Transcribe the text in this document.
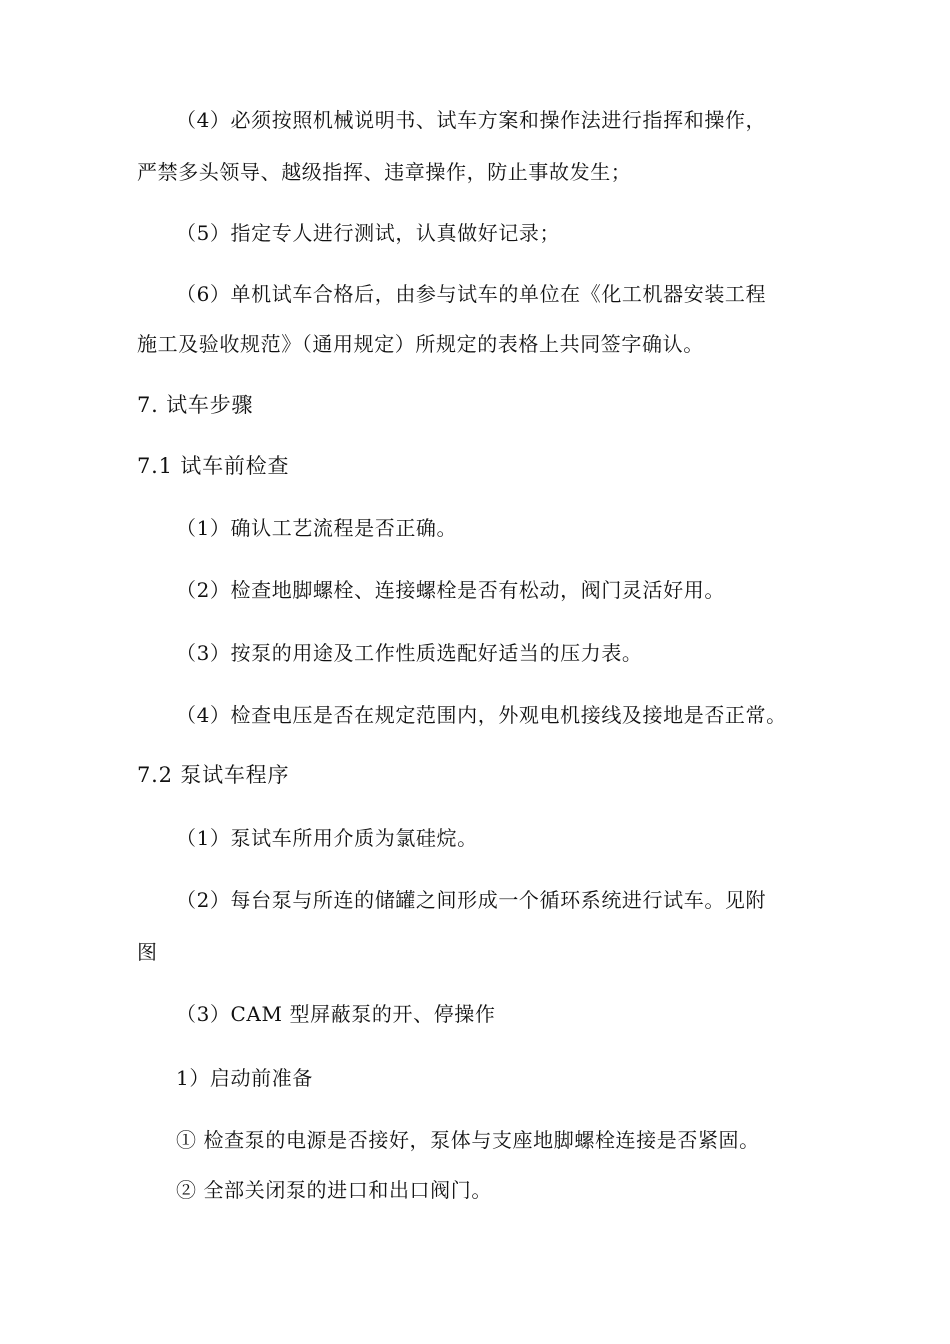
（4）必须按照机械说明书、试车方案和操作法进行指挥和操作，
严禁多头领导、越级指挥、违章操作，防止事故发生；
（5）指定专人进行测试，认真做好记录；
（6）单机试车合格后，由参与试车的单位在《化工机器安装工程
施工及验收规范》（通用规定）所规定的表格上共同签字确认。
7. 试车步骤
7.1 试车前检查
（1）确认工艺流程是否正确。
（2）检查地脚螺栓、连接螺栓是否有松动，阀门灵活好用。
（3）按泵的用途及工作性质选配好适当的压力表。
（4）检查电压是否在规定范围内，外观电机接线及接地是否正常。
7.2 泵试车程序
（1）泵试车所用介质为氯硅烷。
（2）每台泵与所连的储罐之间形成一个循环系统进行试车。见附
图
（3）CAM 型屏蔽泵的开、停操作
1）启动前准备
① 检查泵的电源是否接好，泵体与支座地脚螺栓连接是否紧固。
② 全部关闭泵的进口和出口阀门。
